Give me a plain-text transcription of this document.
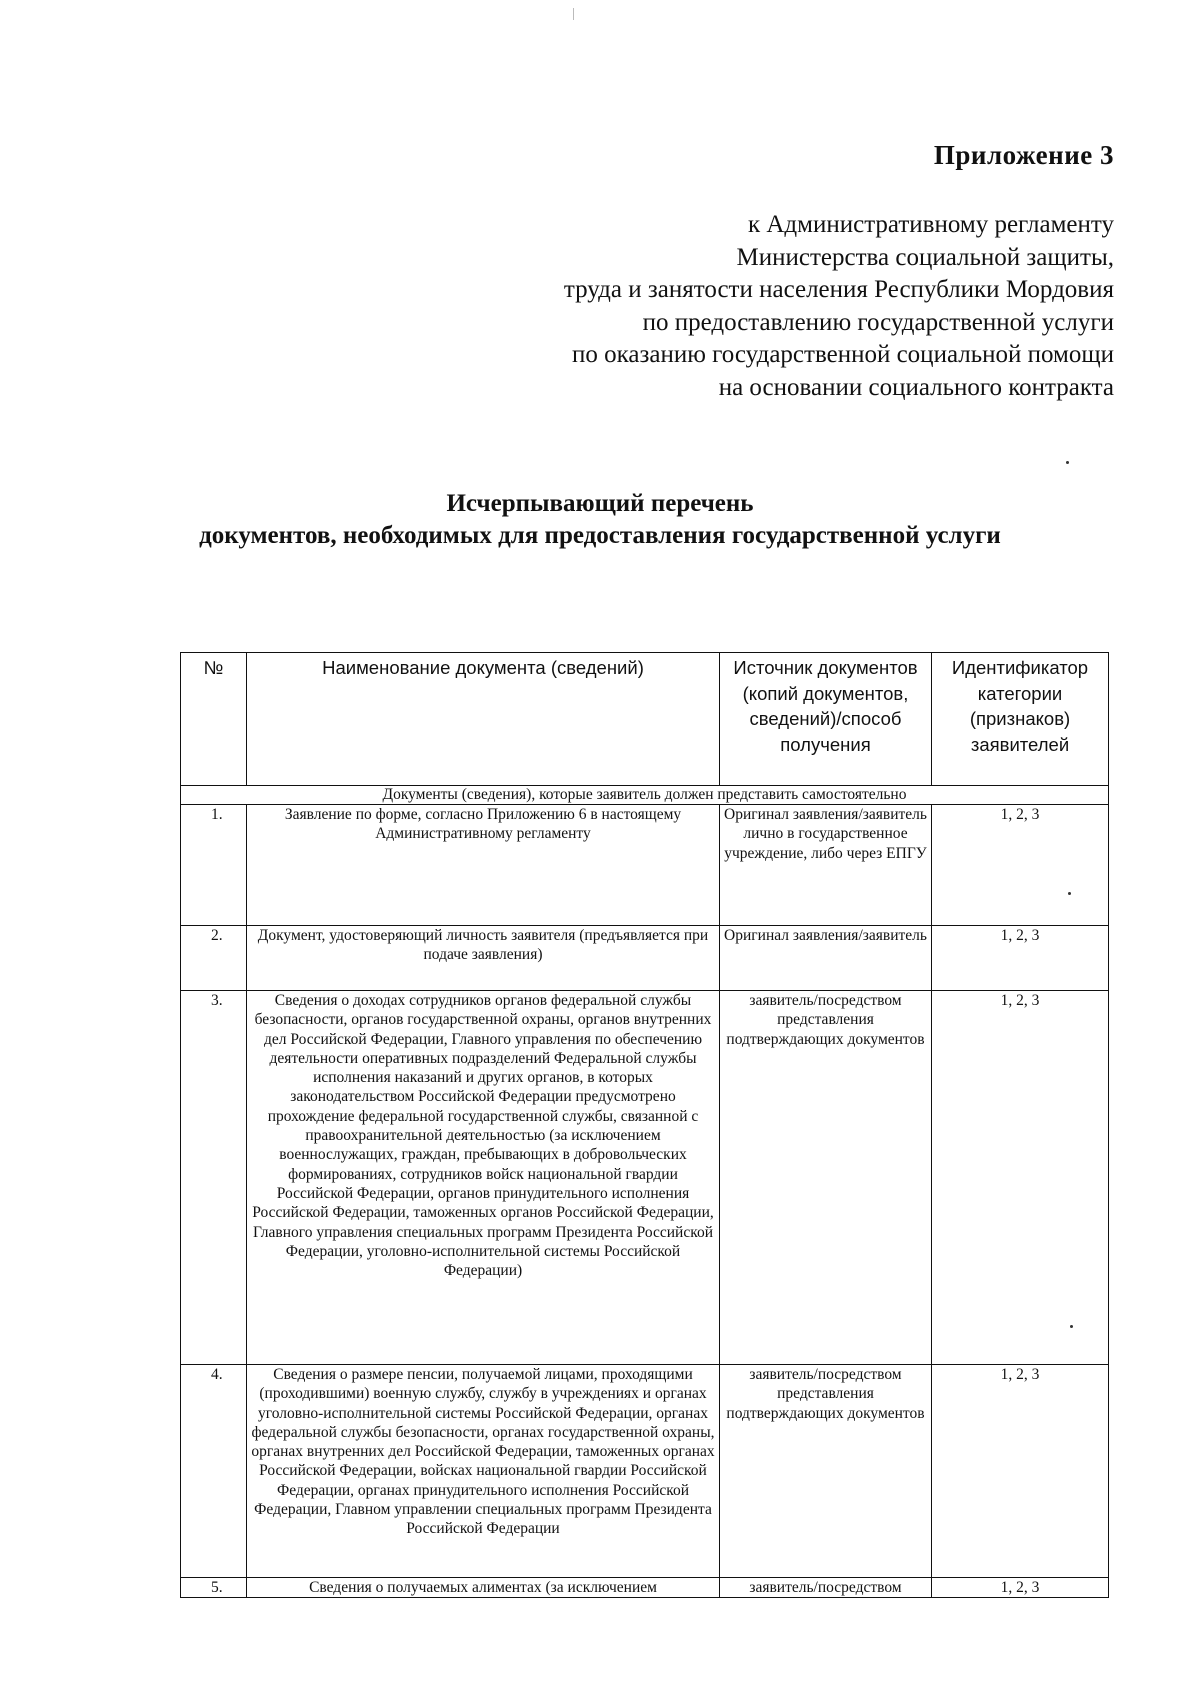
Приложение 3
к Административному регламенту
Министерства социальной защиты,
труда и занятости населения Республики Мордовия
по предоставлению государственной услуги
по оказанию государственной социальной помощи
на основании социального контракта
Исчерпывающий перечень
документов, необходимых для предоставления государственной услуги
№	Наименование документа (сведений)	Источник документов (копий документов, сведений)/способ получения	Идентификатор категории (признаков) заявителей
Документы (сведения), которые заявитель должен представить самостоятельно			
1.	Заявление по форме, согласно Приложению 6 в настоящему Административному регламенту	Оригинал заявления/заявитель лично в государственное учреждение, либо через ЕПГУ	1, 2, 3
2.	Документ, удостоверяющий личность заявителя (предъявляется при подаче заявления)	Оригинал заявления/заявитель	1, 2, 3
3.	Сведения о доходах сотрудников органов федеральной службы безопасности, органов государственной охраны, органов внутренних дел Российской Федерации, Главного управления по обеспечению деятельности оперативных подразделений Федеральной службы исполнения наказаний и других органов, в которых законодательством Российской Федерации предусмотрено прохождение федеральной государственной службы, связанной с правоохранительной деятельностью (за исключением военнослужащих, граждан, пребывающих в добровольческих формированиях, сотрудников войск национальной гвардии Российской Федерации, органов принудительного исполнения Российской Федерации, таможенных органов Российской Федерации, Главного управления специальных программ Президента Российской Федерации, уголовно-исполнительной системы Российской Федерации)	заявитель/посредством представления подтверждающих документов	1, 2, 3
4.	Сведения о размере пенсии, получаемой лицами, проходящими (проходившими) военную службу, службу в учреждениях и органах уголовно-исполнительной системы Российской Федерации, органах федеральной службы безопасности, органах государственной охраны, органах внутренних дел Российской Федерации, таможенных органах Российской Федерации, войсках национальной гвардии Российской Федерации, органах принудительного исполнения Российской Федерации, Главном управлении специальных программ Президента Российской Федерации	заявитель/посредством представления подтверждающих документов	1, 2, 3
5.	Сведения о получаемых алиментах (за исключением	заявитель/посредством	1, 2, 3
